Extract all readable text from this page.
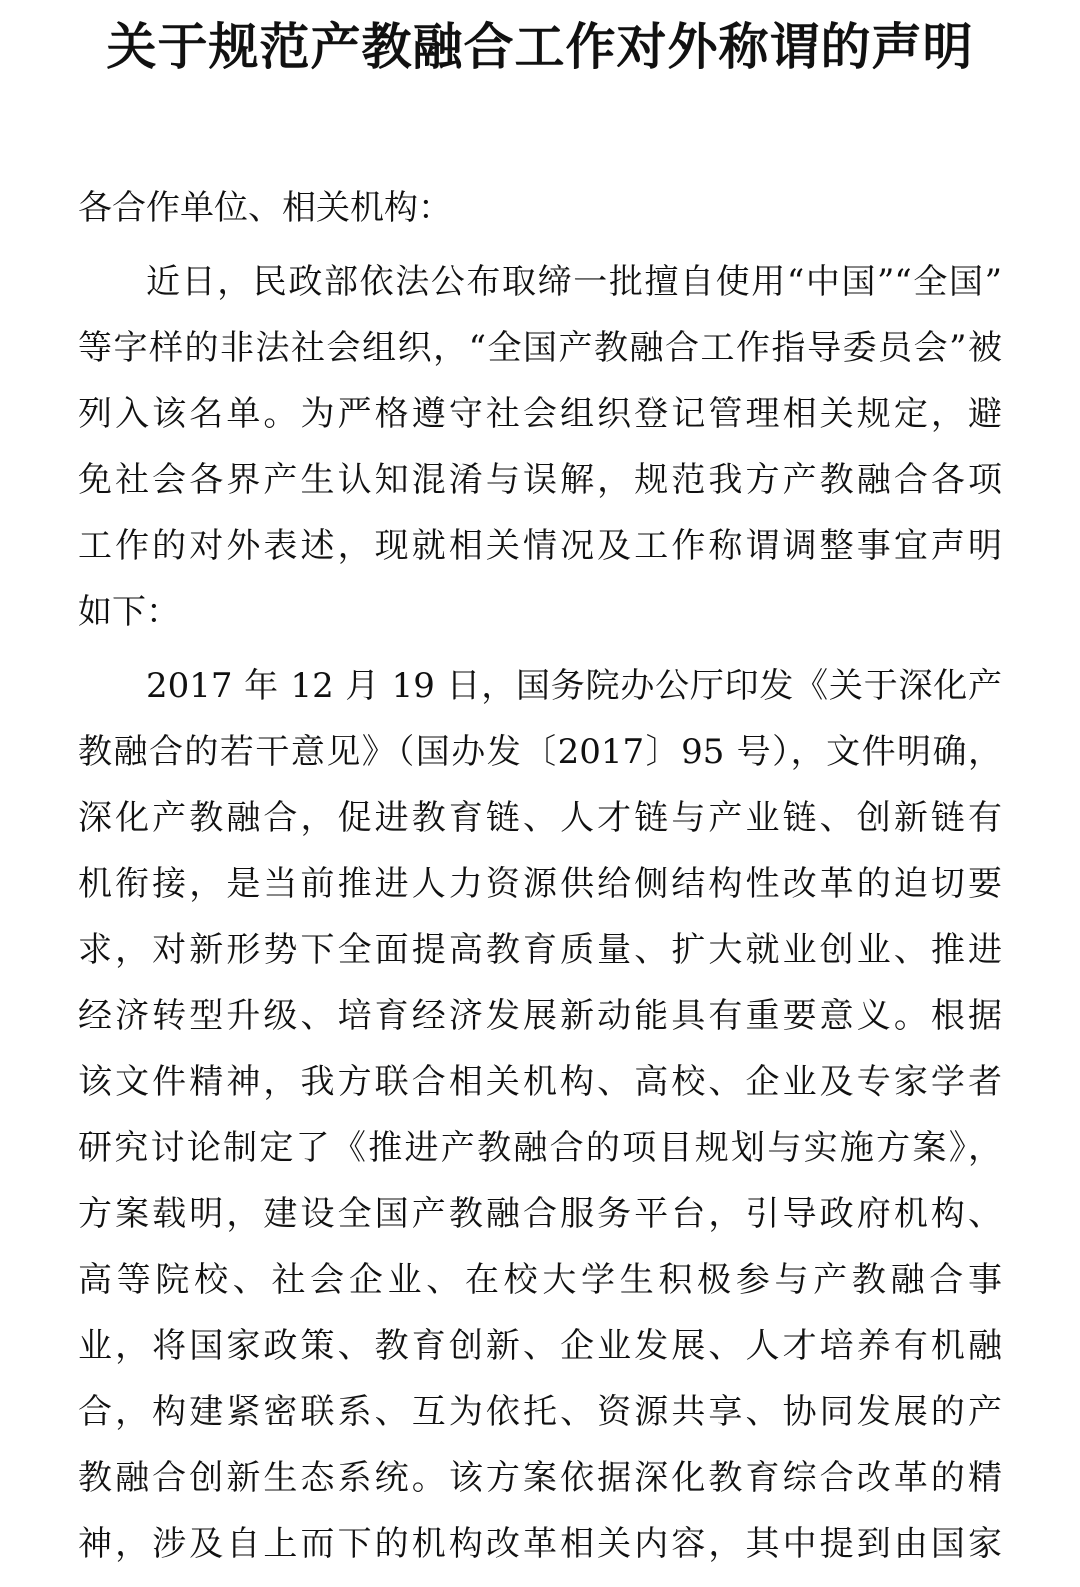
关于规范产教融合工作对外称谓的声明
各合作单位、相关机构：
近日，民政部依法公布取缔一批擅自使用“中国”“全国”
等字样的非法社会组织，“全国产教融合工作指导委员会”被
列入该名单。为严格遵守社会组织登记管理相关规定，避
免社会各界产生认知混淆与误解，规范我方产教融合各项
工作的对外表述，现就相关情况及工作称谓调整事宜声明
如下：
2017 年 12 月 19 日，国务院办公厅印发《关于深化产
教融合的若干意见》（国办发〔2017〕95 号），文件明确，
深化产教融合，促进教育链、人才链与产业链、创新链有
机衔接，是当前推进人力资源供给侧结构性改革的迫切要
求，对新形势下全面提高教育质量、扩大就业创业、推进
经济转型升级、培育经济发展新动能具有重要意义。根据
该文件精神，我方联合相关机构、高校、企业及专家学者
研究讨论制定了《推进产教融合的项目规划与实施方案》，
方案载明，建设全国产教融合服务平台，引导政府机构、
高等院校、社会企业、在校大学生积极参与产教融合事
业，将国家政策、教育创新、企业发展、人才培养有机融
合，构建紧密联系、互为依托、资源共享、协同发展的产
教融合创新生态系统。该方案依据深化教育综合改革的精
神，涉及自上而下的机构改革相关内容，其中提到由国家
